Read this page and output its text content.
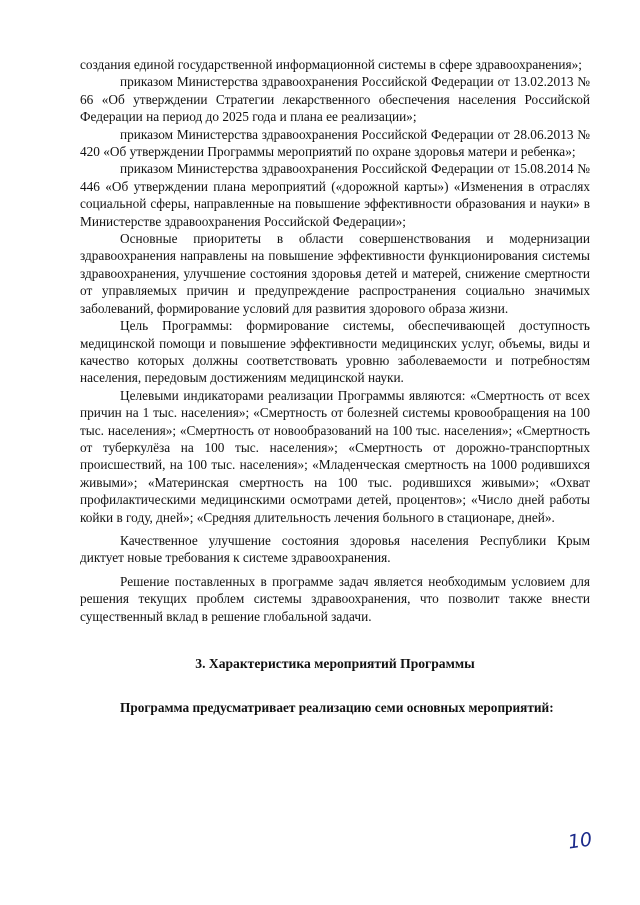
создания единой государственной информационной системы в сфере здравоохранения»;

приказом Министерства здравоохранения Российской Федерации от 13.02.2013 № 66 «Об утверждении Стратегии лекарственного обеспечения населения Российской Федерации на период до 2025 года и плана ее реализации»;

приказом Министерства здравоохранения Российской Федерации от 28.06.2013 № 420 «Об утверждении Программы мероприятий по охране здоровья матери и ребенка»;

приказом Министерства здравоохранения Российской Федерации от 15.08.2014 № 446 «Об утверждении плана мероприятий («дорожной карты») «Изменения в отраслях социальной сферы, направленные на повышение эффективности образования и науки» в Министерстве здравоохранения Российской Федерации»;

Основные приоритеты в области совершенствования и модернизации здравоохранения направлены на повышение эффективности функционирования системы здравоохранения, улучшение состояния здоровья детей и матерей, снижение смертности от управляемых причин и предупреждение распространения социально значимых заболеваний, формирование условий для развития здорового образа жизни.

Цель Программы: формирование системы, обеспечивающей доступность медицинской помощи и повышение эффективности медицинских услуг, объемы, виды и качество которых должны соответствовать уровню заболеваемости и потребностям населения, передовым достижениям медицинской науки.

Целевыми индикаторами реализации Программы являются: «Смертность от всех причин на 1 тыс. населения»; «Смертность от болезней системы кровообращения на 100 тыс. населения»; «Смертность от новообразований на 100 тыс. населения»; «Смертность от туберкулёза на 100 тыс. населения»; «Смертность от дорожно-транспортных происшествий, на 100 тыс. населения»; «Младенческая смертность на 1000 родившихся живыми»; «Материнская смертность на 100 тыс. родившихся живыми»; «Охват профилактическими медицинскими осмотрами детей, процентов»; «Число дней работы койки в году, дней»; «Средняя длительность лечения больного в стационаре, дней».

Качественное улучшение состояния здоровья населения Республики Крым диктует новые требования к системе здравоохранения.

Решение поставленных в программе задач является необходимым условием для решения текущих проблем системы здравоохранения, что позволит также внести существенный вклад в решение глобальной задачи.

3. Характеристика мероприятий Программы

Программа предусматривает реализацию семи основных мероприятий:

10
